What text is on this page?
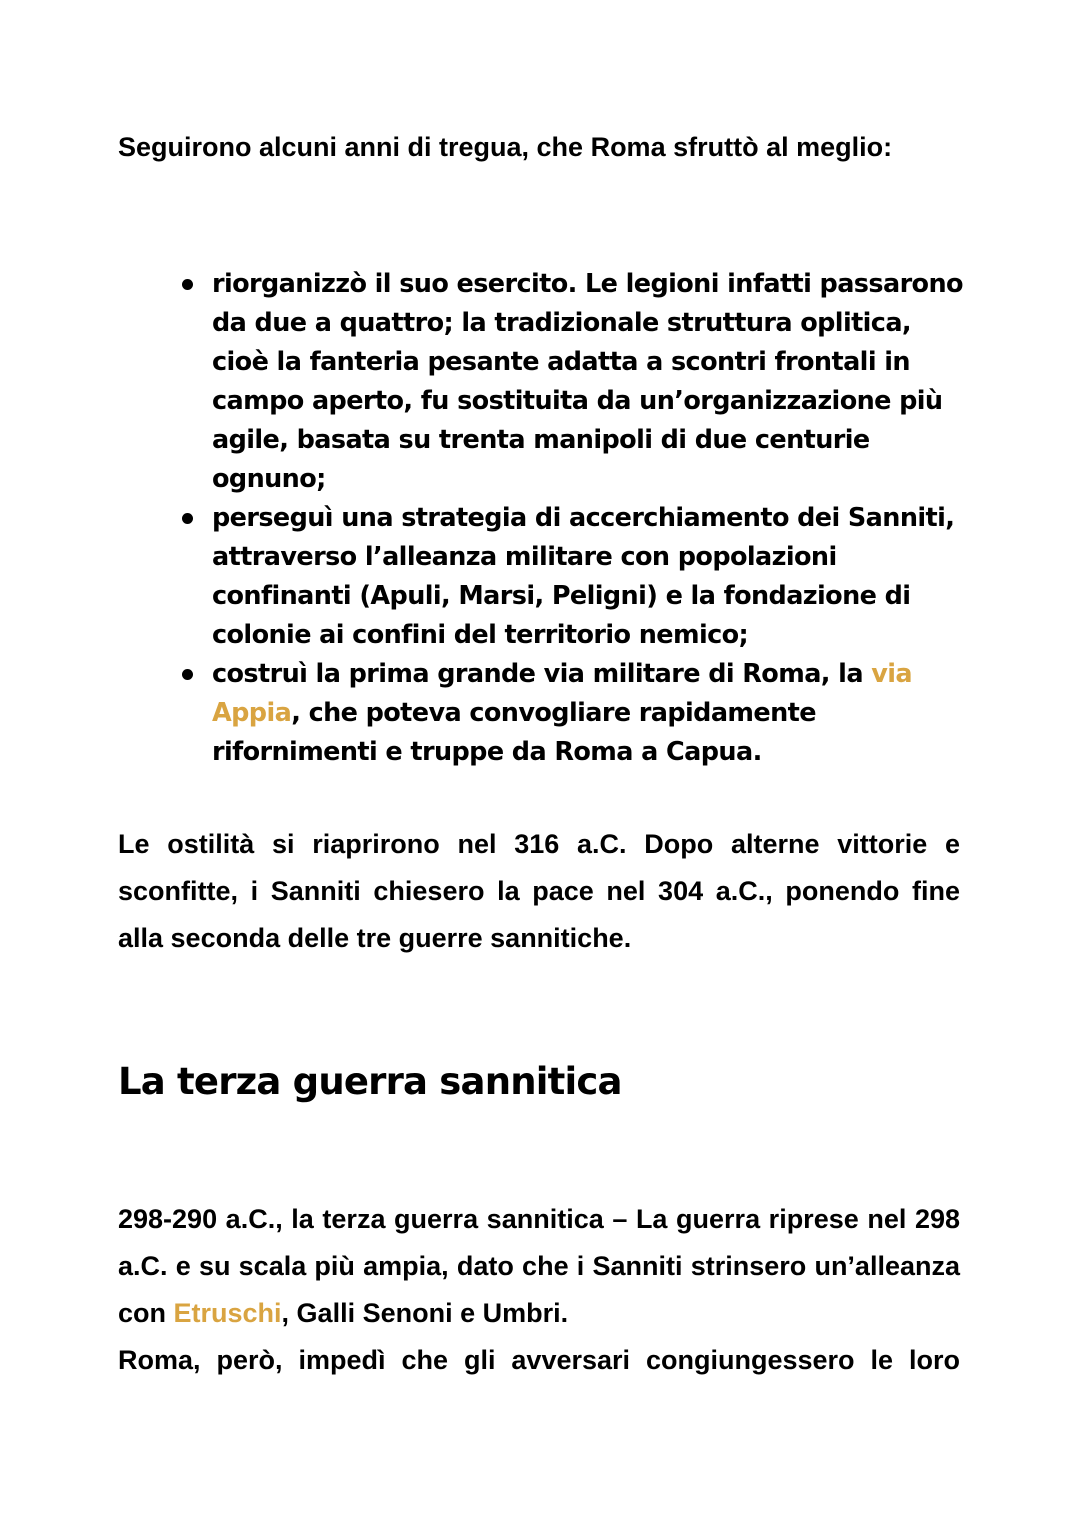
Seguirono alcuni anni di tregua, che Roma sfruttò al meglio:

riorganizzò il suo esercito. Le legioni infatti passarono da due a quattro; la tradizionale struttura oplitica, cioè la fanteria pesante adatta a scontri frontali in campo aperto, fu sostituita da un’organizzazione più agile, basata su trenta manipoli di due centurie ognuno;
perseguì una strategia di accerchiamento dei Sanniti, attraverso l’alleanza militare con popolazioni confinanti (Apuli, Marsi, Peligni) e la fondazione di colonie ai confini del territorio nemico;
costruì la prima grande via militare di Roma, la via Appia, che poteva convogliare rapidamente rifornimenti e truppe da Roma a Capua.

Le ostilità si riaprirono nel 316 a.C. Dopo alterne vittorie e sconfitte, i Sanniti chiesero la pace nel 304 a.C., ponendo fine alla seconda delle tre guerre sannitiche.

La terza guerra sannitica

298-290 a.C., la terza guerra sannitica – La guerra riprese nel 298 a.C. e su scala più ampia, dato che i Sanniti strinsero un’alleanza con Etruschi, Galli Senoni e Umbri.

Roma, però, impedì che gli avversari congiungessero le loro
